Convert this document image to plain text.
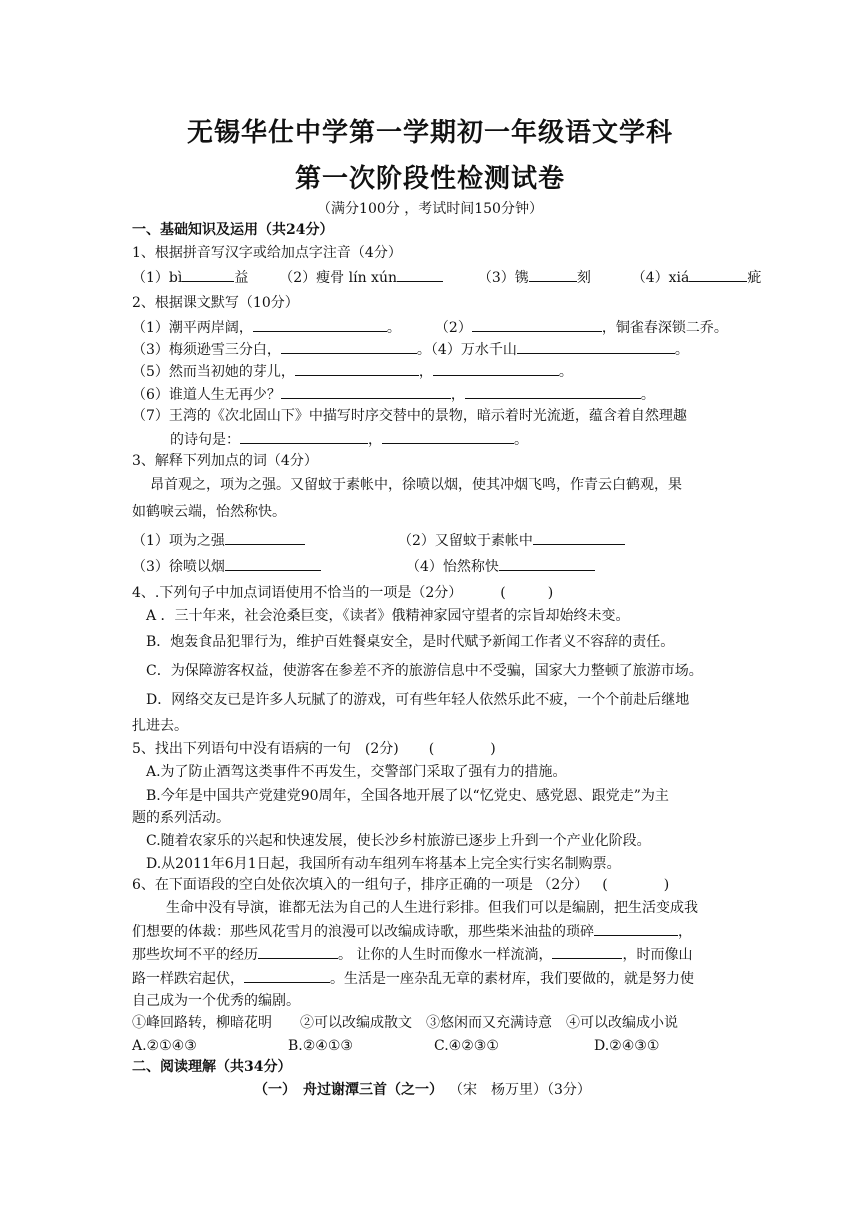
无锡华仕中学第一学期初一年级语文学科
第一次阶段性检测试卷
（满分100分 ，考试时间150分钟）
一、基础知识及运用（共24分）
1、根据拼音写汉字或给加点字注音（4分）
（1）bì	益 （2）瘦骨 lín xún	（3）镌	刻	（4）xiá	疵
2、根据课文默写（10分）
（1）潮平两岸阔，	。 （2）	，铜雀春深锁二乔。
（3）梅须逊雪三分白，	。（4）万水千山	。
（5）然而当初她的芽儿，	，	。
（6）谁道人生无再少？	，	。
（7）王湾的《次北固山下》中描写时序交替中的景物，暗示着时光流逝，蕴含着自然理趣
的诗句是：	，	。
3、解释下列加点的词（4分）
昂首观之，项为之强。又留蚊于素帐中，徐喷以烟，使其冲烟飞鸣，作青云白鹤观，果
如鹤唳云端，怡然称快。
（1）项为之强	（2）又留蚊于素帐中
（3）徐喷以烟	（4）怡然称快
4、.下列句子中加点词语使用不恰当的一项是（2分）	(　　　)
A ．三十年来，社会沧桑巨变，《读者》俄精神家园守望者的宗旨却始终未变。
B．炮轰食品犯罪行为，维护百姓餐桌安全，是时代赋予新闻工作者义不容辞的责任。
C．为保障游客权益，使游客在参差不齐的旅游信息中不受骗，国家大力整顿了旅游市场。
D．网络交友已是许多人玩腻了的游戏，可有些年轻人依然乐此不疲，一个个前赴后继地
扎进去。
5、找出下列语句中没有语病的一句　(2分) (　　　　)
A.为了防止酒驾这类事件不再发生，交警部门采取了强有力的措施。
B.今年是中国共产党建党90周年，全国各地开展了以“忆党史、感党恩、跟党走”为主
题的系列活动。
C.随着农家乐的兴起和快速发展，使长沙乡村旅游已逐步上升到一个产业化阶段。
D.从2011年6月1日起，我国所有动车组列车将基本上完全实行实名制购票。
6、在下面语段的空白处依次填入的一组句子，排序正确的一项是 （2分） (　　　　)
生命中没有导演，谁都无法为自己的人生进行彩排。但我们可以是编剧，把生活变成我
们想要的体裁：那些风花雪月的浪漫可以改编成诗歌，那些柴米油盐的琐碎	，
那些坎坷不平的经历	。 让你的人生时而像水一样流淌，	，时而像山
路一样跌宕起伏，	。生活是一座杂乱无章的素材库，我们要做的，就是努力使
自己成为一个优秀的编剧。
①峰回路转，柳暗花明　　②可以改编成散文　③悠闲而又充满诗意　④可以改编成小说
A.②①④③	B.②④①③	C.④②③①	D.②④③①
二、阅读理解（共34分）
（一）　舟过谢潭三首（之一） （宋　杨万里）（3分）
